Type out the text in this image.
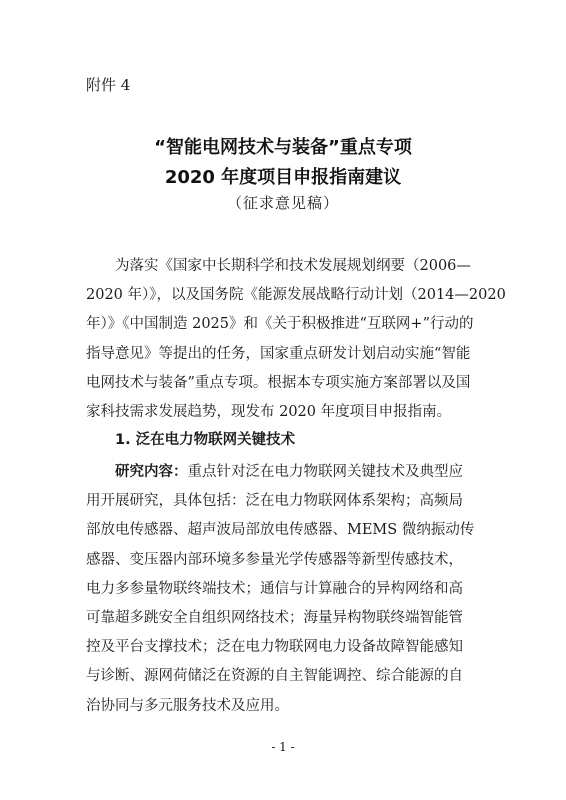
附件 4
“智能电网技术与装备”重点专项
2020 年度项目申报指南建议
（征求意见稿）
为落实《国家中长期科学和技术发展规划纲要（2006—
2020 年）》，以及国务院《能源发展战略行动计划（2014—2020
年）》《中国制造 2025》和《关于积极推进“互联网+”行动的
指导意见》等提出的任务，国家重点研发计划启动实施“智能
电网技术与装备”重点专项。根据本专项实施方案部署以及国
家科技需求发展趋势，现发布 2020 年度项目申报指南。
1. 泛在电力物联网关键技术
研究内容：重点针对泛在电力物联网关键技术及典型应
用开展研究，具体包括：泛在电力物联网体系架构；高频局
部放电传感器、超声波局部放电传感器、MEMS 微纳振动传
感器、变压器内部环境多参量光学传感器等新型传感技术，
电力多参量物联终端技术；通信与计算融合的异构网络和高
可靠超多跳安全自组织网络技术；海量异构物联终端智能管
控及平台支撑技术；泛在电力物联网电力设备故障智能感知
与诊断、源网荷储泛在资源的自主智能调控、综合能源的自
治协同与多元服务技术及应用。
- 1 -
